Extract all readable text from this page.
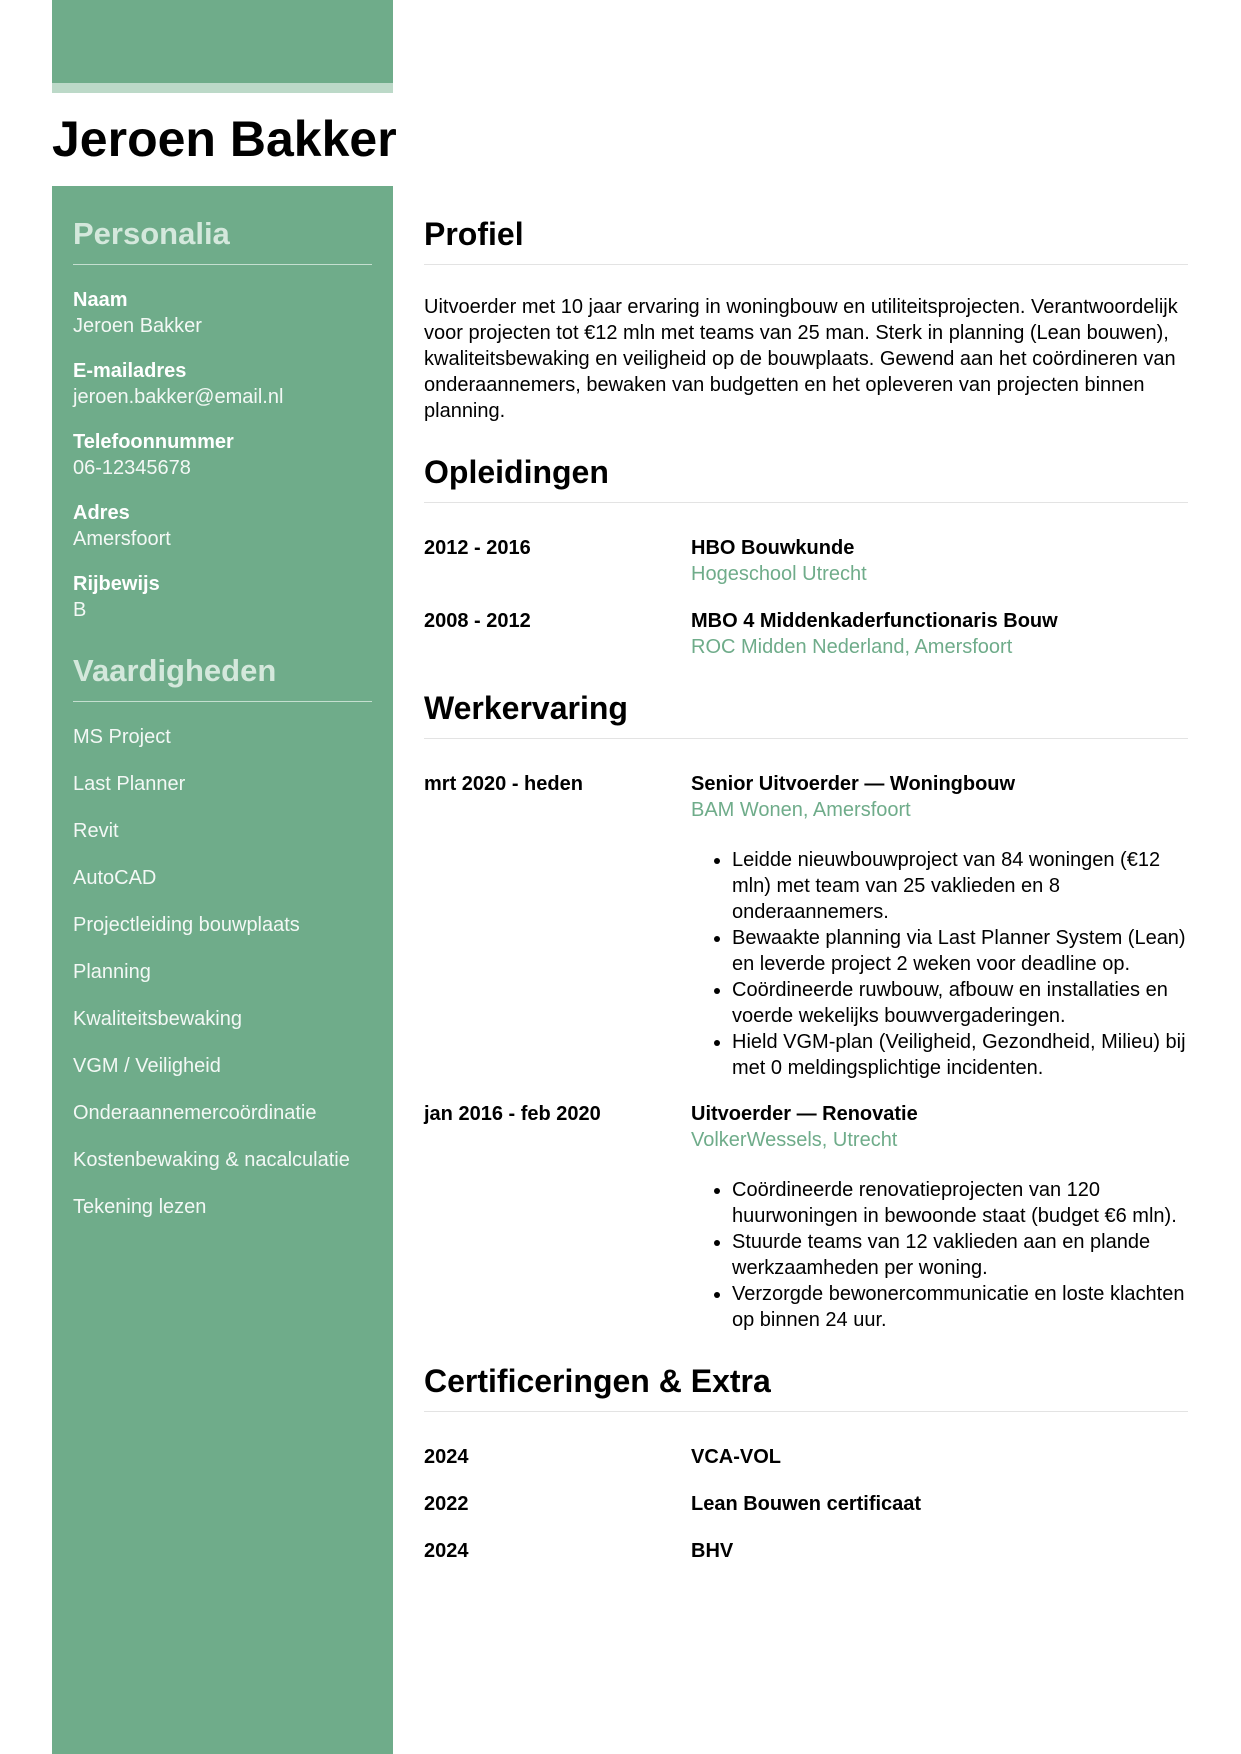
Jeroen Bakker
Personalia
Naam
Jeroen Bakker
E-mailadres
jeroen.bakker@email.nl
Telefoonnummer
06-12345678
Adres
Amersfoort
Rijbewijs
B
Vaardigheden
MS Project
Last Planner
Revit
AutoCAD
Projectleiding bouwplaats
Planning
Kwaliteitsbewaking
VGM / Veiligheid
Onderaannemercoördinatie
Kostenbewaking & nacalculatie
Tekening lezen
Profiel

Uitvoerder met 10 jaar ervaring in woningbouw en utiliteitsprojecten. Verantwoordelijk voor projecten tot €12 mln met teams van 25 man. Sterk in planning (Lean bouwen), kwaliteitsbewaking en veiligheid op de bouwplaats. Gewend aan het coördineren van onderaannemers, bewaken van budgetten en het opleveren van projecten binnen planning.

Opleidingen
2012 - 2016	HBO Bouwkunde
Hogeschool Utrecht
2008 - 2012	MBO 4 Middenkaderfunctionaris Bouw
ROC Midden Nederland, Amersfoort
Werkervaring
mrt 2020 - heden	Senior Uitvoerder — Woningbouw
BAM Wonen, Amersfoort
• Leidde nieuwbouwproject van 84 woningen (€12 mln) met team van 25 vaklieden en 8 onderaannemers.
• Bewaakte planning via Last Planner System (Lean) en leverde project 2 weken voor deadline op.
• Coördineerde ruwbouw, afbouw en installaties en voerde wekelijks bouwvergaderingen.
• Hield VGM-plan (Veiligheid, Gezondheid, Milieu) bij met 0 meldingsplichtige incidenten.
jan 2016 - feb 2020	Uitvoerder — Renovatie
VolkerWessels, Utrecht
• Coördineerde renovatieprojecten van 120 huurwoningen in bewoonde staat (budget €6 mln).
• Stuurde teams van 12 vaklieden aan en plande werkzaamheden per woning.
• Verzorgde bewonercommunicatie en loste klachten op binnen 24 uur.
Certificeringen & Extra
2024	VCA-VOL
2022	Lean Bouwen certificaat
2024	BHV
